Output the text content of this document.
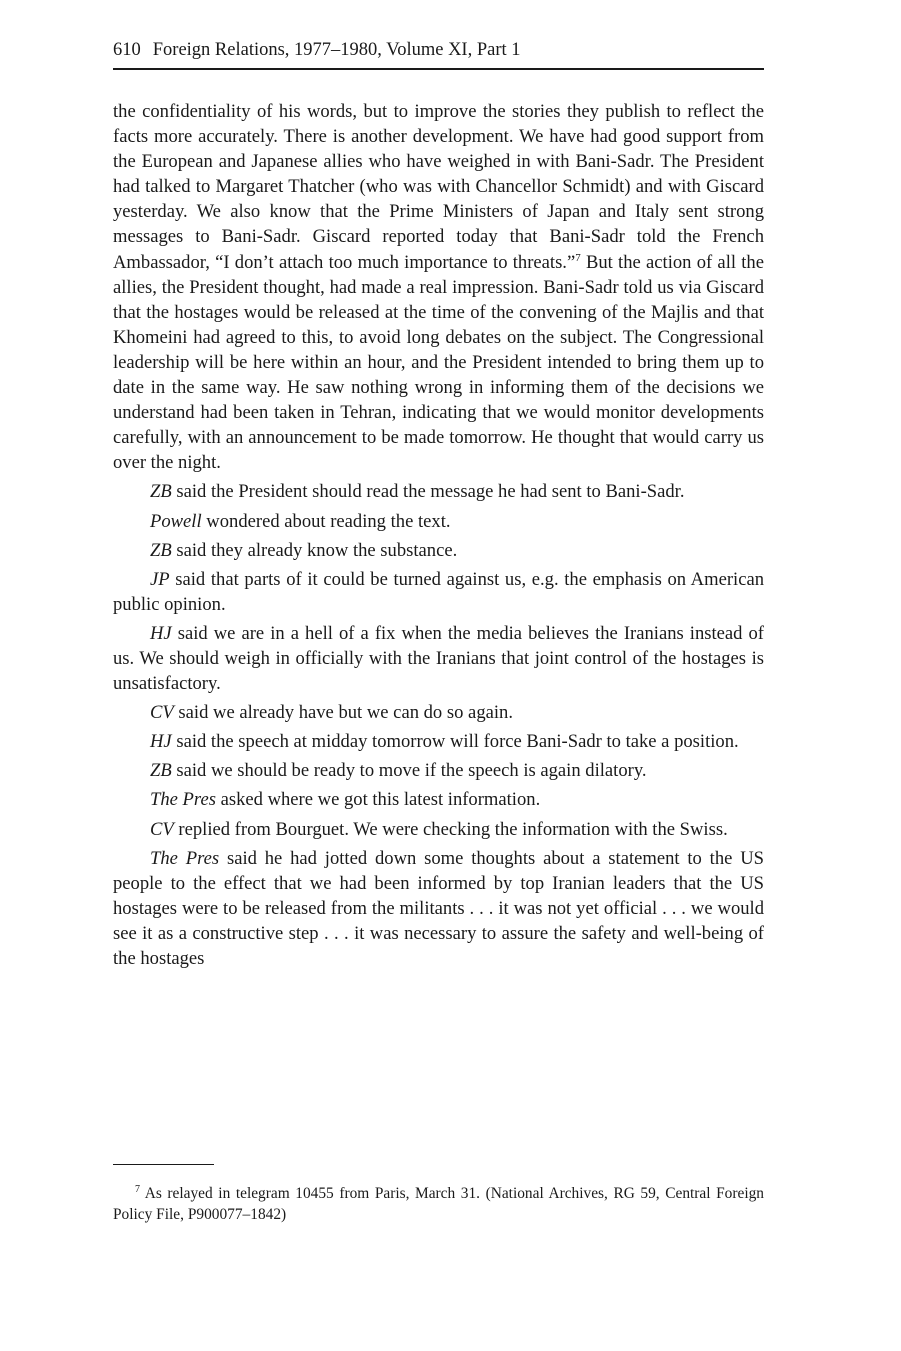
610 Foreign Relations, 1977–1980, Volume XI, Part 1

the confidentiality of his words, but to improve the stories they publish to reflect the facts more accurately. There is another development. We have had good support from the European and Japanese allies who have weighed in with Bani-Sadr. The President had talked to Margaret Thatcher (who was with Chancellor Schmidt) and with Giscard yesterday. We also know that the Prime Ministers of Japan and Italy sent strong messages to Bani-Sadr. Giscard reported today that Bani-Sadr told the French Ambassador, “I don’t attach too much importance to threats.”$^7$ But the action of all the allies, the President thought, had made a real impression. Bani-Sadr told us via Giscard that the hostages would be released at the time of the convening of the Majlis and that Khomeini had agreed to this, to avoid long debates on the subject. The Congressional leadership will be here within an hour, and the President intended to bring them up to date in the same way. He saw nothing wrong in informing them of the decisions we understand had been taken in Tehran, indicating that we would monitor developments carefully, with an announcement to be made tomorrow. He thought that would carry us over the night.

ZB said the President should read the message he had sent to Bani-Sadr.

Powell wondered about reading the text.

ZB said they already know the substance.

JP said that parts of it could be turned against us, e.g. the emphasis on American public opinion.

HJ said we are in a hell of a fix when the media believes the Iranians instead of us. We should weigh in officially with the Iranians that joint control of the hostages is unsatisfactory.

CV said we already have but we can do so again.

HJ said the speech at midday tomorrow will force Bani-Sadr to take a position.

ZB said we should be ready to move if the speech is again dilatory.

The Pres asked where we got this latest information.

CV replied from Bourguet. We were checking the information with the Swiss.

The Pres said he had jotted down some thoughts about a statement to the US people to the effect that we had been informed by top Iranian leaders that the US hostages were to be released from the militants . . . it was not yet official . . . we would see it as a constructive step . . . it was necessary to assure the safety and well-being of the hostages

$^7$ As relayed in telegram 10455 from Paris, March 31. (National Archives, RG 59, Central Foreign Policy File, P900077–1842)
